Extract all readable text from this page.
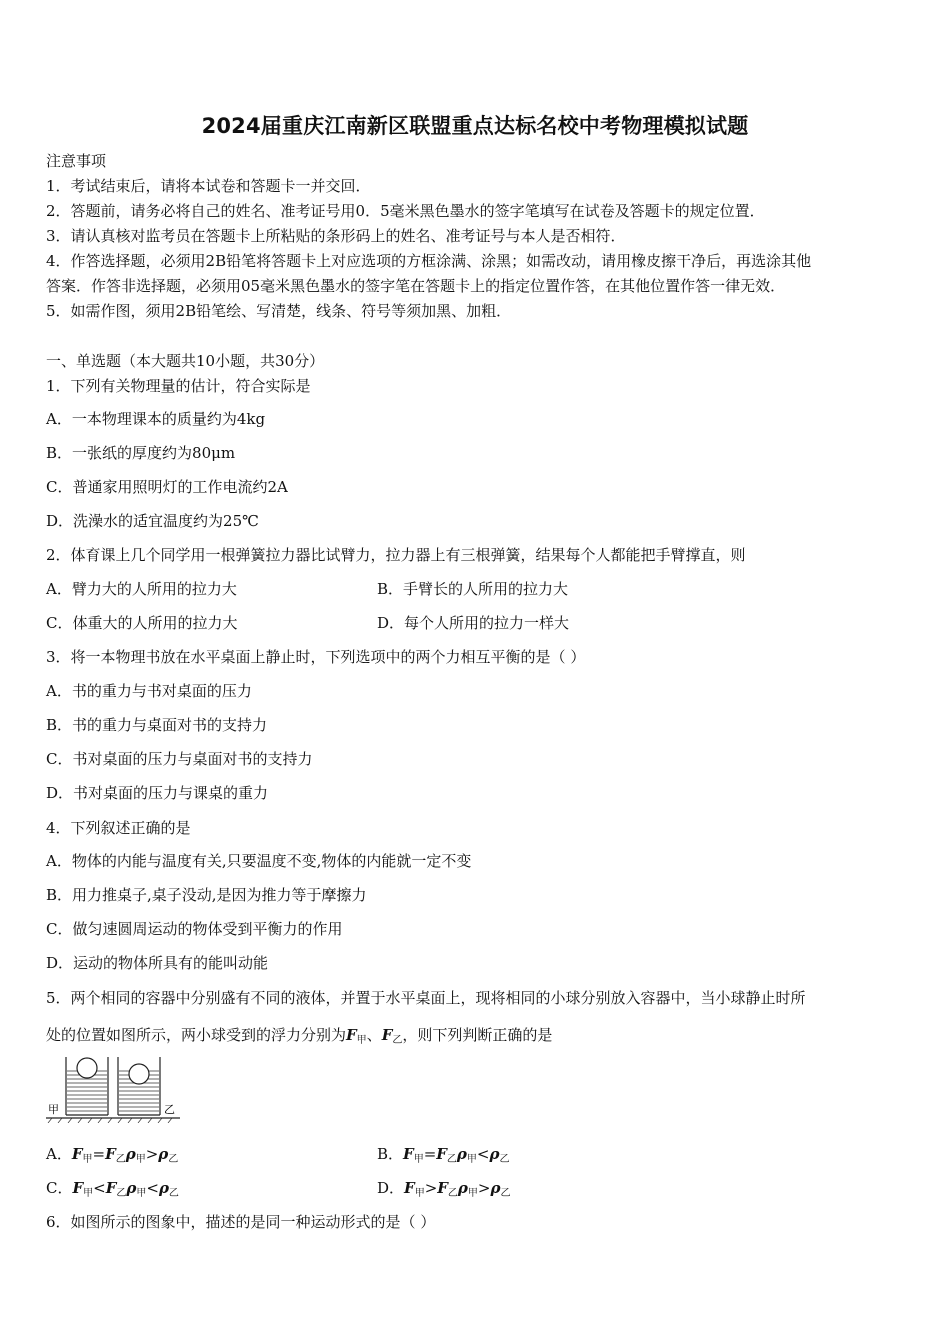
2024届重庆江南新区联盟重点达标名校中考物理模拟试题
注意事项
1．考试结束后，请将本试卷和答题卡一并交回．
2．答题前，请务必将自己的姓名、准考证号用0．5毫米黑色墨水的签字笔填写在试卷及答题卡的规定位置．
3．请认真核对监考员在答题卡上所粘贴的条形码上的姓名、准考证号与本人是否相符．
4．作答选择题，必须用2B铅笔将答题卡上对应选项的方框涂满、涂黑；如需改动，请用橡皮擦干净后，再选涂其他
答案．作答非选择题，必须用05毫米黑色墨水的签字笔在答题卡上的指定位置作答，在其他位置作答一律无效．
5．如需作图，须用2B铅笔绘、写清楚，线条、符号等须加黑、加粗．
一、单选题（本大题共10小题，共30分）
1．下列有关物理量的估计，符合实际是
A．一本物理课本的质量约为4kg
B．一张纸的厚度约为80μm
C．普通家用照明灯的工作电流约2A
D．洗澡水的适宜温度约为25℃
2．体育课上几个同学用一根弹簧拉力器比试臂力，拉力器上有三根弹簧，结果每个人都能把手臂撑直，则
A．臂力大的人所用的拉力大	B．手臂长的人所用的拉力大
C．体重大的人所用的拉力大	D．每个人所用的拉力一样大
3．将一本物理书放在水平桌面上静止时，下列选项中的两个力相互平衡的是（ ）
A．书的重力与书对桌面的压力
B．书的重力与桌面对书的支持力
C．书对桌面的压力与桌面对书的支持力
D．书对桌面的压力与课桌的重力
4．下列叙述正确的是
A．物体的内能与温度有关,只要温度不变,物体的内能就一定不变
B．用力推桌子,桌子没动,是因为推力等于摩擦力
C．做匀速圆周运动的物体受到平衡力的作用
D．运动的物体所具有的能叫动能
5．两个相同的容器中分别盛有不同的液体，并置于水平桌面上，现将相同的小球分别放入容器中，当小球静止时所
处的位置如图所示，两小球受到的浮力分别为$F_甲$、$F_乙$，则下列判断正确的是
甲	乙
A．$F_甲=F_乙\rho_甲>\rho_乙$	B．$F_甲=F_乙\rho_甲<\rho_乙$
C．$F_甲<F_乙\rho_甲<\rho_乙$	D．$F_甲>F_乙\rho_甲>\rho_乙$
6．如图所示的图象中，描述的是同一种运动形式的是（ ）
